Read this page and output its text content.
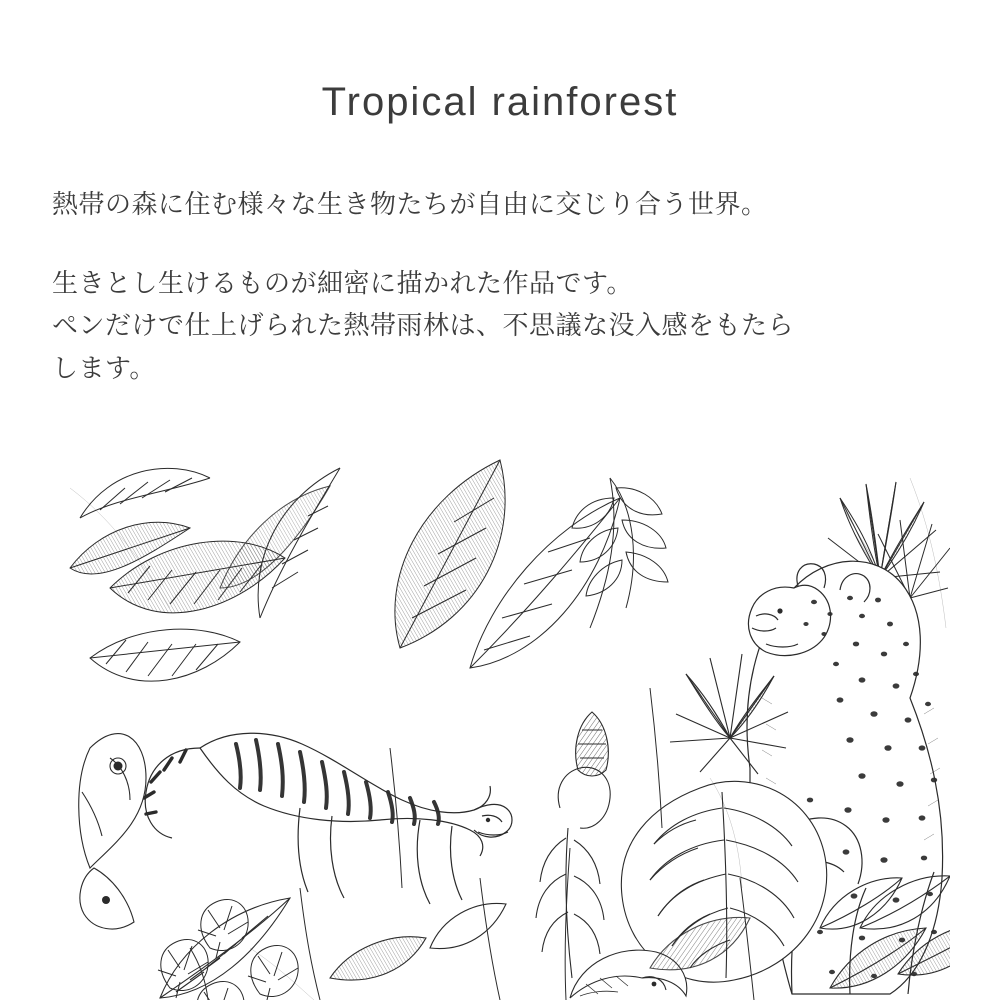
Tropical rainforest

熱帯の森に住む様々な生き物たちが自由に交じり合う世界。

生きとし生けるものが細密に描かれた作品です。
ペンだけで仕上げられた熱帯雨林は、不思議な没入感をもたら
します。
